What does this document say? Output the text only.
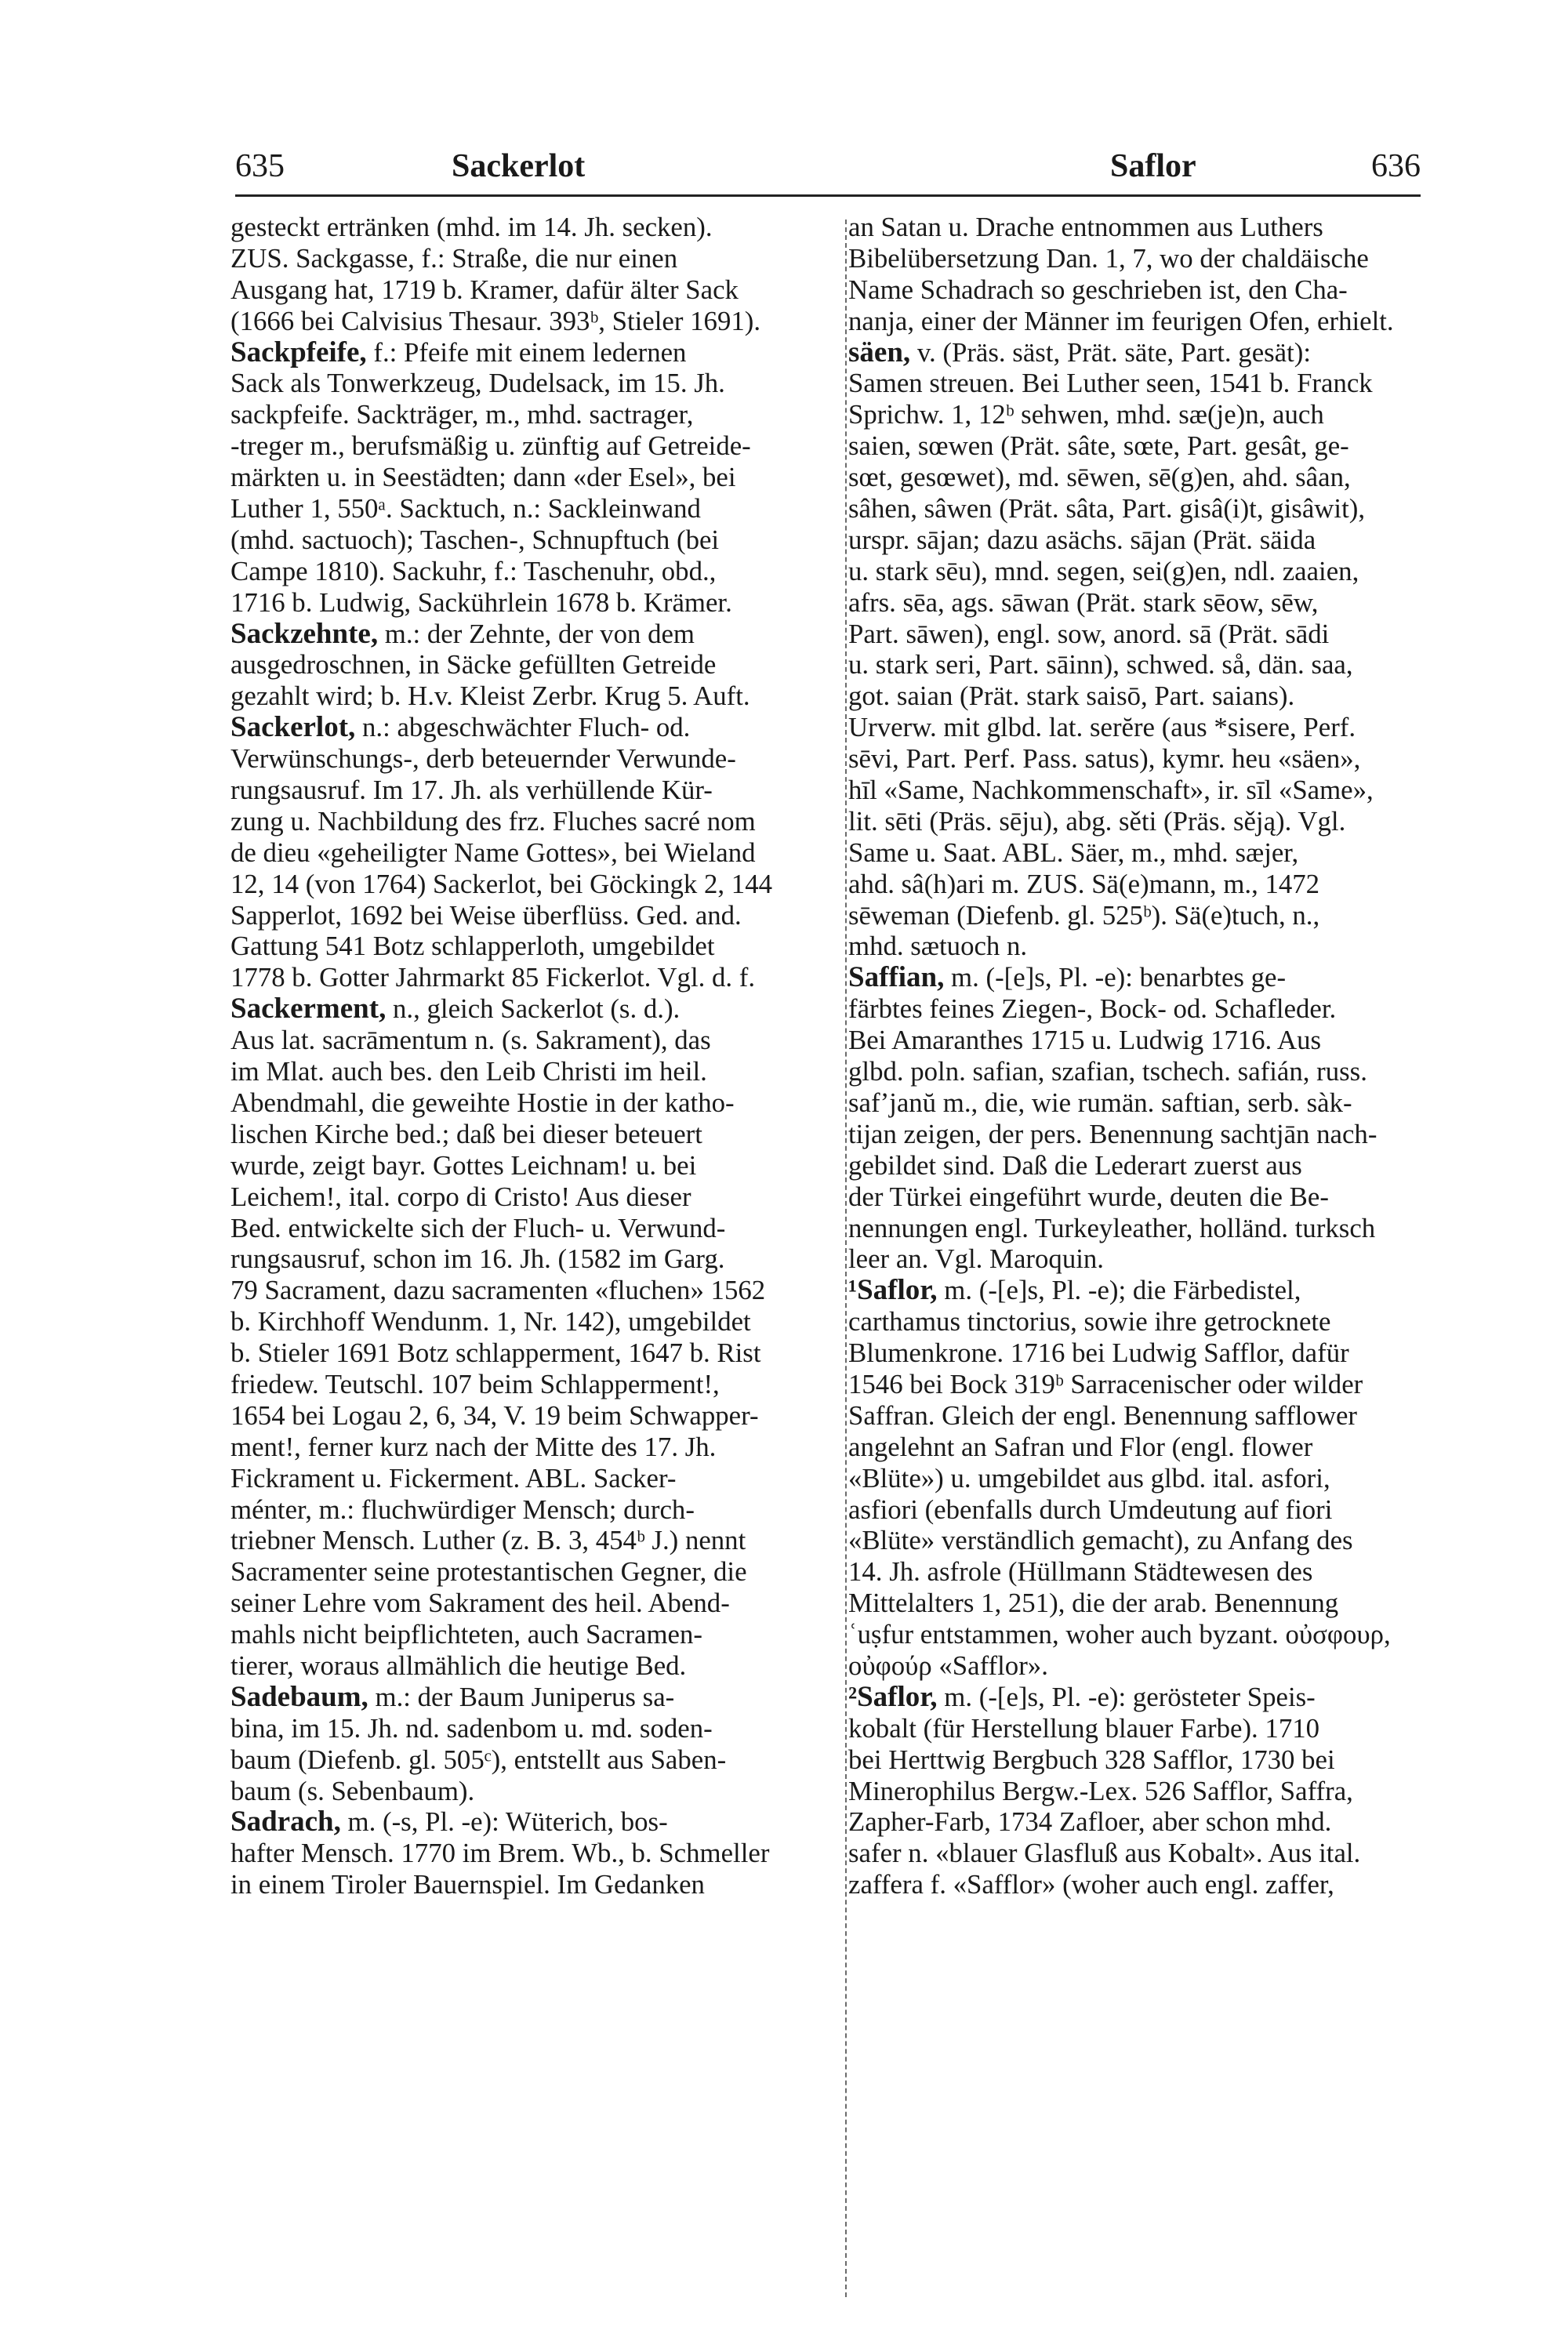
635	Sackerlot	Saflor	636
gesteckt ertränken (mhd. im 14. Jh. secken).
ZUS. Sackgasse, f.: Straße, die nur einen
Ausgang hat, 1719 b. Kramer, dafür älter Sack
(1666 bei Calvisius Thesaur. 393ᵇ, Stieler 1691).
Sackpfeife, f.: Pfeife mit einem ledernen
Sack als Tonwerkzeug, Dudelsack, im 15. Jh.
sackpfeife. Sackträger, m., mhd. sactrager,
-treger m., berufsmäßig u. zünftig auf Getreide-
märkten u. in Seestädten; dann «der Esel», bei
Luther 1, 550ᵃ. Sacktuch, n.: Sackleinwand
(mhd. sactuoch); Taschen-, Schnupftuch (bei
Campe 1810). Sackuhr, f.: Taschenuhr, obd.,
1716 b. Ludwig, Sackührlein 1678 b. Krämer.
Sackzehnte, m.: der Zehnte, der von dem
ausgedroschnen, in Säcke gefüllten Getreide
gezahlt wird; b. H.v. Kleist Zerbr. Krug 5. Auft.
Sackerlot, n.: abgeschwächter Fluch- od.
Verwünschungs-, derb beteuernder Verwunde-
rungsausruf. Im 17. Jh. als verhüllende Kür-
zung u. Nachbildung des frz. Fluches sacré nom
de dieu «geheiligter Name Gottes», bei Wieland
12, 14 (von 1764) Sackerlot, bei Göckingk 2, 144
Sapperlot, 1692 bei Weise überflüss. Ged. and.
Gattung 541 Botz schlapperloth, umgebildet
1778 b. Gotter Jahrmarkt 85 Fickerlot. Vgl. d. f.
Sackerment, n., gleich Sackerlot (s. d.).
Aus lat. sacrāmentum n. (s. Sakrament), das
im Mlat. auch bes. den Leib Christi im heil.
Abendmahl, die geweihte Hostie in der katho-
lischen Kirche bed.; daß bei dieser beteuert
wurde, zeigt bayr. Gottes Leichnam! u. bei
Leichem!, ital. corpo di Cristo! Aus dieser
Bed. entwickelte sich der Fluch- u. Verwund-
rungsausruf, schon im 16. Jh. (1582 im Garg.
79 Sacrament, dazu sacramenten «fluchen» 1562
b. Kirchhoff Wendunm. 1, Nr. 142), umgebildet
b. Stieler 1691 Botz schlapperment, 1647 b. Rist
friedew. Teutschl. 107 beim Schlapperment!,
1654 bei Logau 2, 6, 34, V. 19 beim Schwapper-
ment!, ferner kurz nach der Mitte des 17. Jh.
Fickrament u. Fickerment. ABL. Sacker-
ménter, m.: fluchwürdiger Mensch; durch-
triebner Mensch. Luther (z. B. 3, 454ᵇ J.) nennt
Sacramenter seine protestantischen Gegner, die
seiner Lehre vom Sakrament des heil. Abend-
mahls nicht beipflichteten, auch Sacramen-
tierer, woraus allmählich die heutige Bed.
Sadebaum, m.: der Baum Juniperus sa-
bina, im 15. Jh. nd. sadenbom u. md. soden-
baum (Diefenb. gl. 505ᶜ), entstellt aus Saben-
baum (s. Sebenbaum).
Sadrach, m. (-s, Pl. -e): Wüterich, bos-
hafter Mensch. 1770 im Brem. Wb., b. Schmeller
in einem Tiroler Bauernspiel. Im Gedanken
an Satan u. Drache entnommen aus Luthers
Bibelübersetzung Dan. 1, 7, wo der chaldäische
Name Schadrach so geschrieben ist, den Cha-
nanja, einer der Männer im feurigen Ofen, erhielt.
säen, v. (Präs. säst, Prät. säte, Part. gesät):
Samen streuen. Bei Luther seen, 1541 b. Franck
Sprichw. 1, 12ᵇ sehwen, mhd. sæ(je)n, auch
saien, sœwen (Prät. sâte, sœte, Part. gesât, ge-
sœt, gesœwet), md. sēwen, sē(g)en, ahd. sâan,
sâhen, sâwen (Prät. sâta, Part. gisâ(i)t, gisâwit),
urspr. sājan; dazu asächs. sājan (Prät. säida
u. stark sēu), mnd. segen, sei(g)en, ndl. zaaien,
afrs. sēa, ags. sāwan (Prät. stark sēow, sēw,
Part. sāwen), engl. sow, anord. sā (Prät. sādi
u. stark seri, Part. sāinn), schwed. så, dän. saa,
got. saian (Prät. stark saisō, Part. saians).
Urverw. mit glbd. lat. serĕre (aus *sisere, Perf.
sēvi, Part. Perf. Pass. satus), kymr. heu «säen»,
hīl «Same, Nachkommenschaft», ir. sīl «Same»,
lit. sēti (Präs. sēju), abg. sěti (Präs. sěją). Vgl.
Same u. Saat. ABL. Säer, m., mhd. sæjer,
ahd. sâ(h)ari m. ZUS. Sä(e)mann, m., 1472
sēweman (Diefenb. gl. 525ᵇ). Sä(e)tuch, n.,
mhd. sætuoch n.
Saffian, m. (-[e]s, Pl. -e): benarbtes ge-
färbtes feines Ziegen-, Bock- od. Schafleder.
Bei Amaranthes 1715 u. Ludwig 1716. Aus
glbd. poln. safian, szafian, tschech. safián, russ.
safʼjanŭ m., die, wie rumän. saftian, serb. sàk-
tijan zeigen, der pers. Benennung sachtjān nach-
gebildet sind. Daß die Lederart zuerst aus
der Türkei eingeführt wurde, deuten die Be-
nennungen engl. Turkeyleather, holländ. turksch
leer an. Vgl. Maroquin.
¹Saflor, m. (-[e]s, Pl. -e); die Färbedistel,
carthamus tinctorius, sowie ihre getrocknete
Blumenkrone. 1716 bei Ludwig Safflor, dafür
1546 bei Bock 319ᵇ Sarracenischer oder wilder
Saffran. Gleich der engl. Benennung safflower
angelehnt an Safran und Flor (engl. flower
«Blüte») u. umgebildet aus glbd. ital. asfori,
asfiori (ebenfalls durch Umdeutung auf fiori
«Blüte» verständlich gemacht), zu Anfang des
14. Jh. asfrole (Hüllmann Städtewesen des
Mittelalters 1, 251), die der arab. Benennung
ʿuṣfur entstammen, woher auch byzant. οὐσφουρ,
οὐφούρ «Safflor».
²Saflor, m. (-[e]s, Pl. -e): gerösteter Speis-
kobalt (für Herstellung blauer Farbe). 1710
bei Herttwig Bergbuch 328 Safflor, 1730 bei
Minerophilus Bergw.-Lex. 526 Safflor, Saffra,
Zapher-Farb, 1734 Zafloer, aber schon mhd.
safer n. «blauer Glasfluß aus Kobalt». Aus ital.
zaffera f. «Safflor» (woher auch engl. zaffer,
